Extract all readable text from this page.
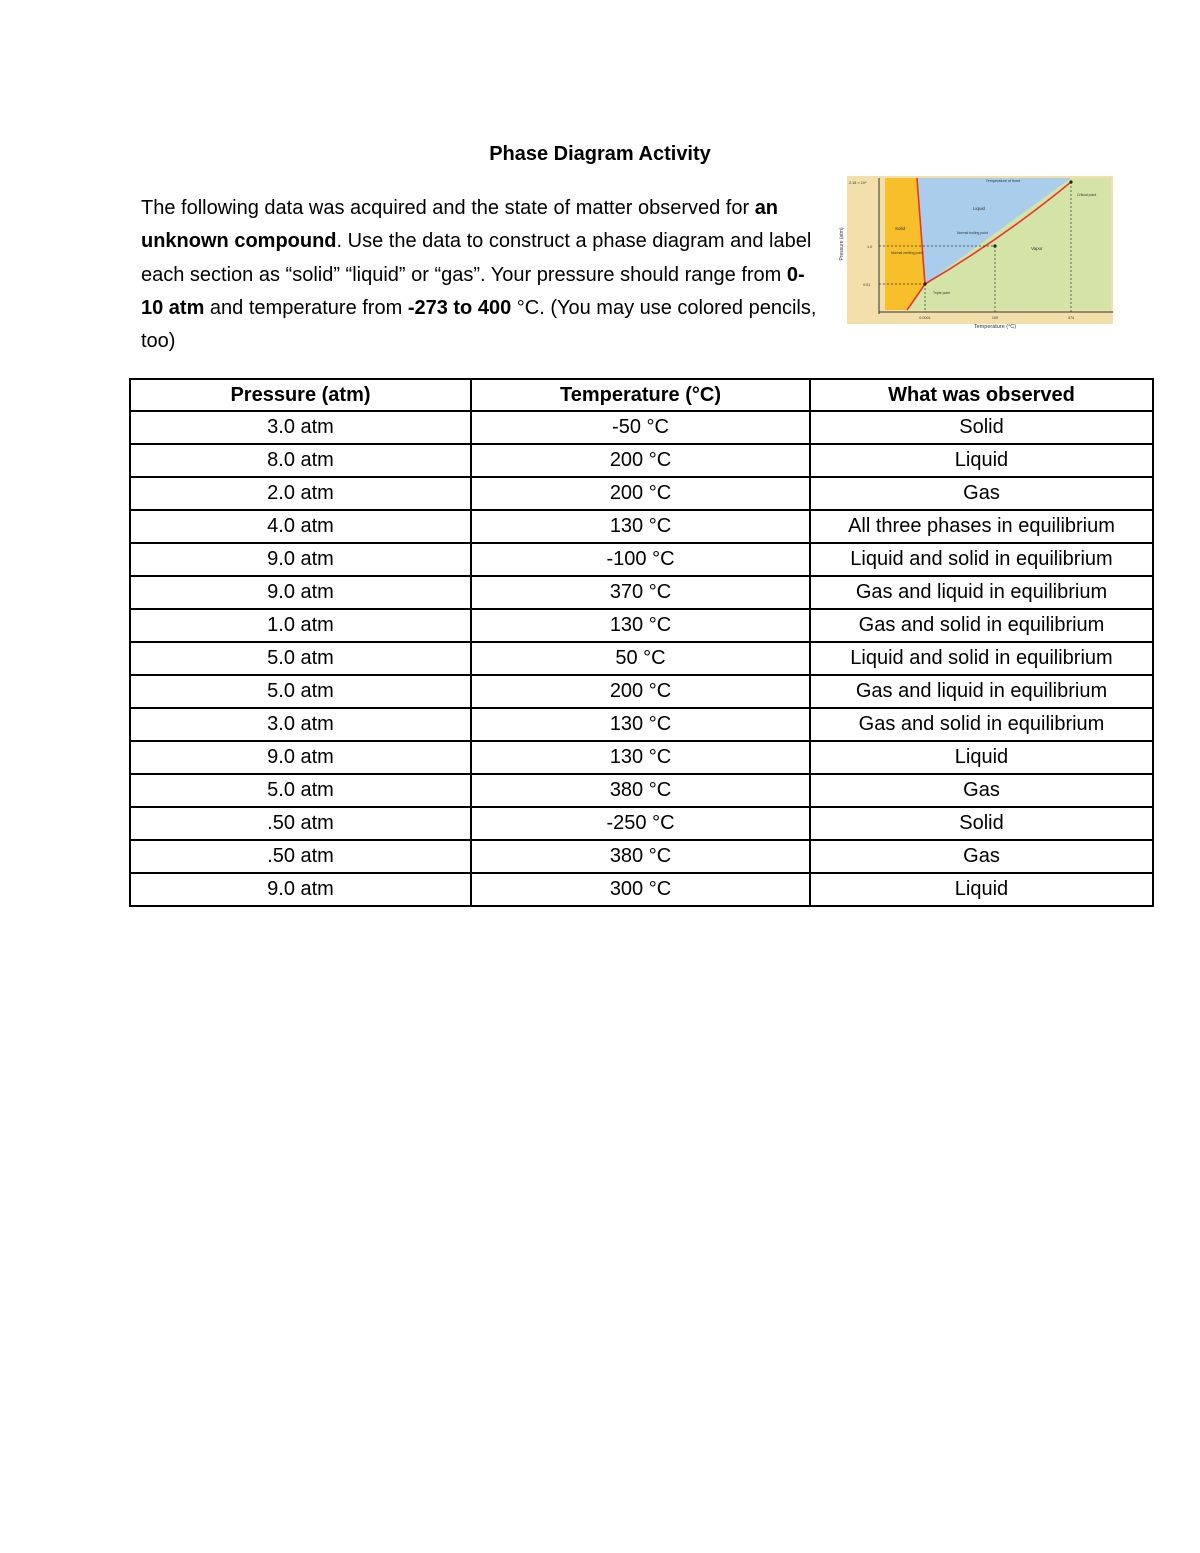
Phase Diagram Activity
The following data was acquired and the state of matter observed for an unknown compound. Use the data to construct a phase diagram and label each section as “solid” “liquid” or “gas”. Your pressure should range from 0-10 atm and temperature from -273 to 400 °C. (You may use colored pencils, too)
Pressure (atm)
Temperature (°C)
Solid
Liquid
Vapor
Temperature of fixed
Critical point
Normal melting point
Normal boiling point
Triple point
2.18 × 10⁴
1.0
0.01
0.0001	100	374
Pressure (atm)	Temperature (°C)	What was observed
3.0 atm	-50 °C	Solid
8.0 atm	200 °C	Liquid
2.0 atm	200 °C	Gas
4.0 atm	130 °C	All three phases in equilibrium
9.0 atm	-100 °C	Liquid and solid in equilibrium
9.0 atm	370 °C	Gas and liquid in equilibrium
1.0 atm	130 °C	Gas and solid in equilibrium
5.0 atm	50 °C	Liquid and solid in equilibrium
5.0 atm	200 °C	Gas and liquid in equilibrium
3.0 atm	130 °C	Gas and solid in equilibrium
9.0 atm	130 °C	Liquid
5.0 atm	380 °C	Gas
.50 atm	-250 °C	Solid
.50 atm	380 °C	Gas
9.0 atm	300 °C	Liquid
